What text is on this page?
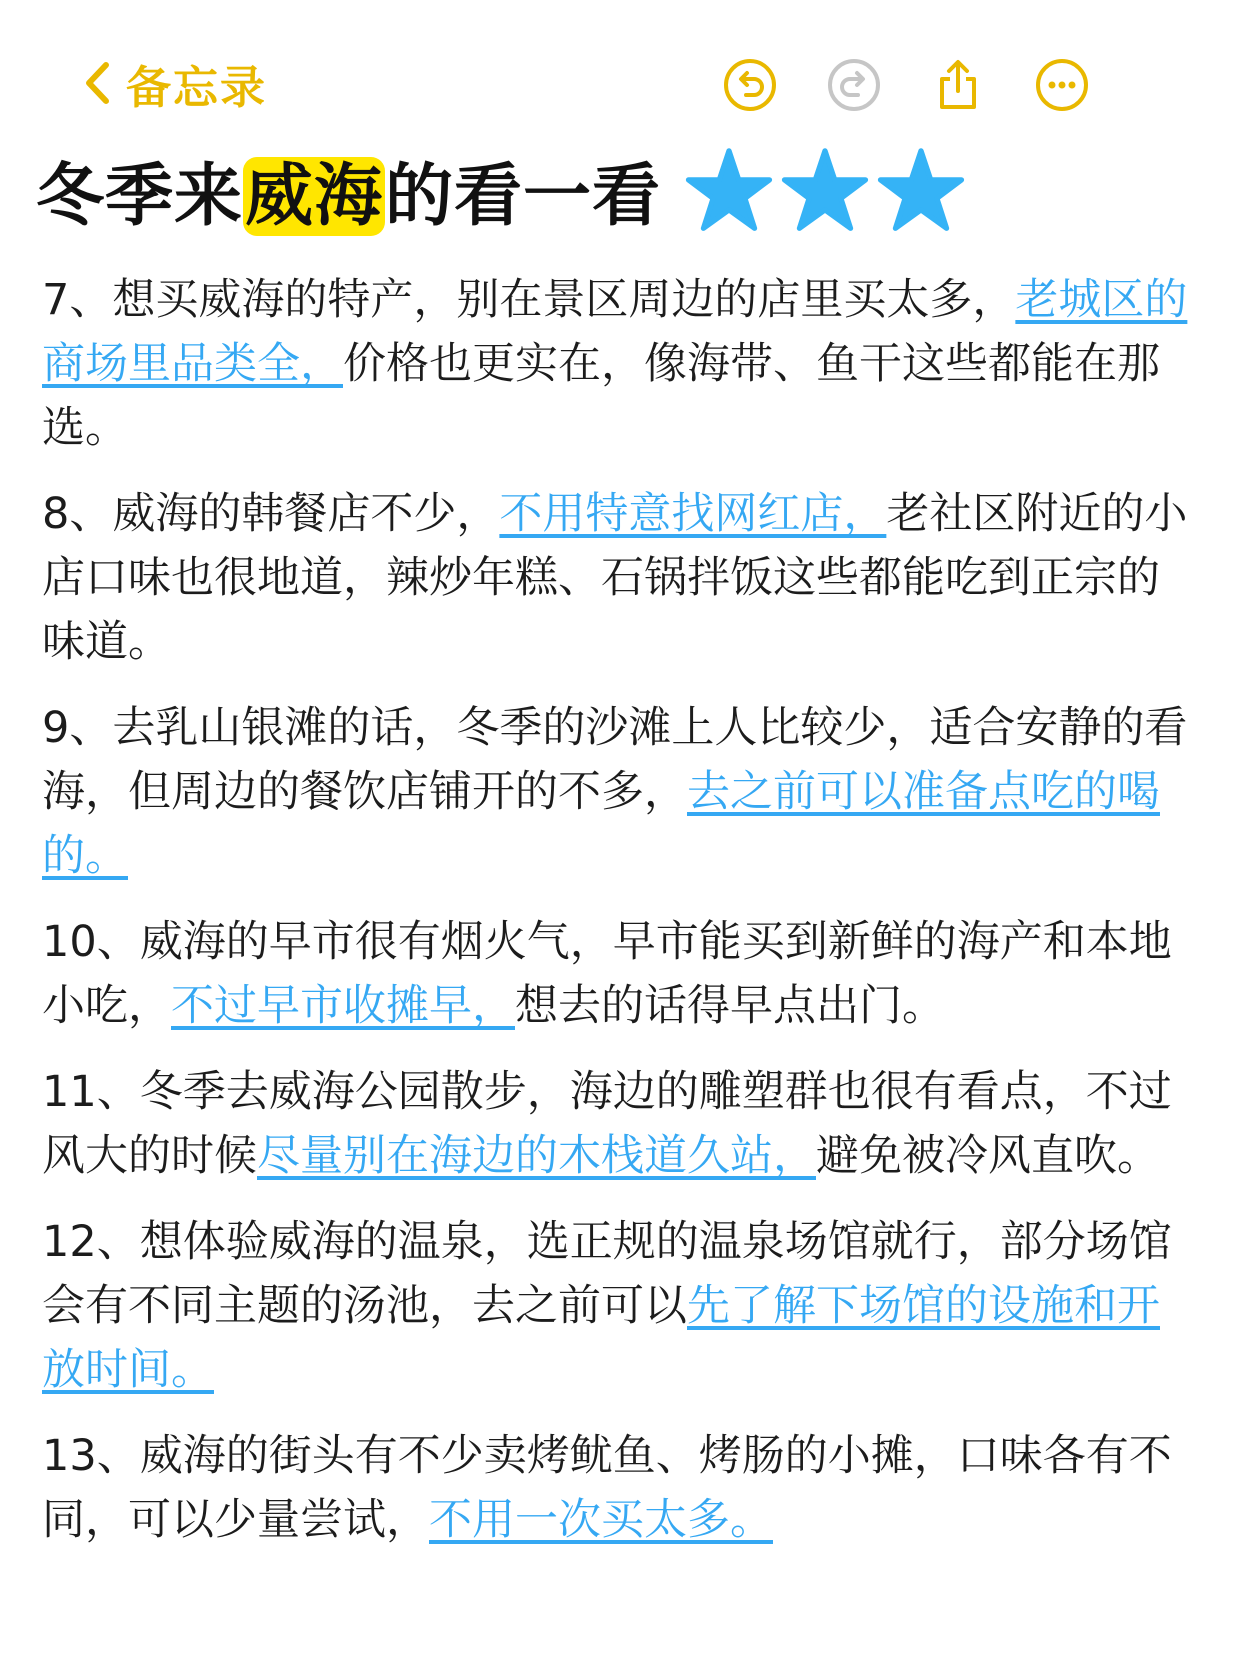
备忘录
冬季来威海的看一看

7、想买威海的特产，别在景区周边的店里买太多，老城区的商场里品类全，价格也更实在，像海带、鱼干这些都能在那选。

8、威海的韩餐店不少，不用特意找网红店，老社区附近的小店口味也很地道，辣炒年糕、石锅拌饭这些都能吃到正宗的味道。

9、去乳山银滩的话，冬季的沙滩上人比较少，适合安静的看海，但周边的餐饮店铺开的不多，去之前可以准备点吃的喝的。

10、威海的早市很有烟火气，早市能买到新鲜的海产和本地小吃，不过早市收摊早，想去的话得早点出门。

11、冬季去威海公园散步，海边的雕塑群也很有看点，不过风大的时候尽量别在海边的木栈道久站，避免被冷风直吹。

12、想体验威海的温泉，选正规的温泉场馆就行，部分场馆会有不同主题的汤池，去之前可以先了解下场馆的设施和开放时间。

13、威海的街头有不少卖烤鱿鱼、烤肠的小摊，口味各有不同，可以少量尝试，不用一次买太多。
